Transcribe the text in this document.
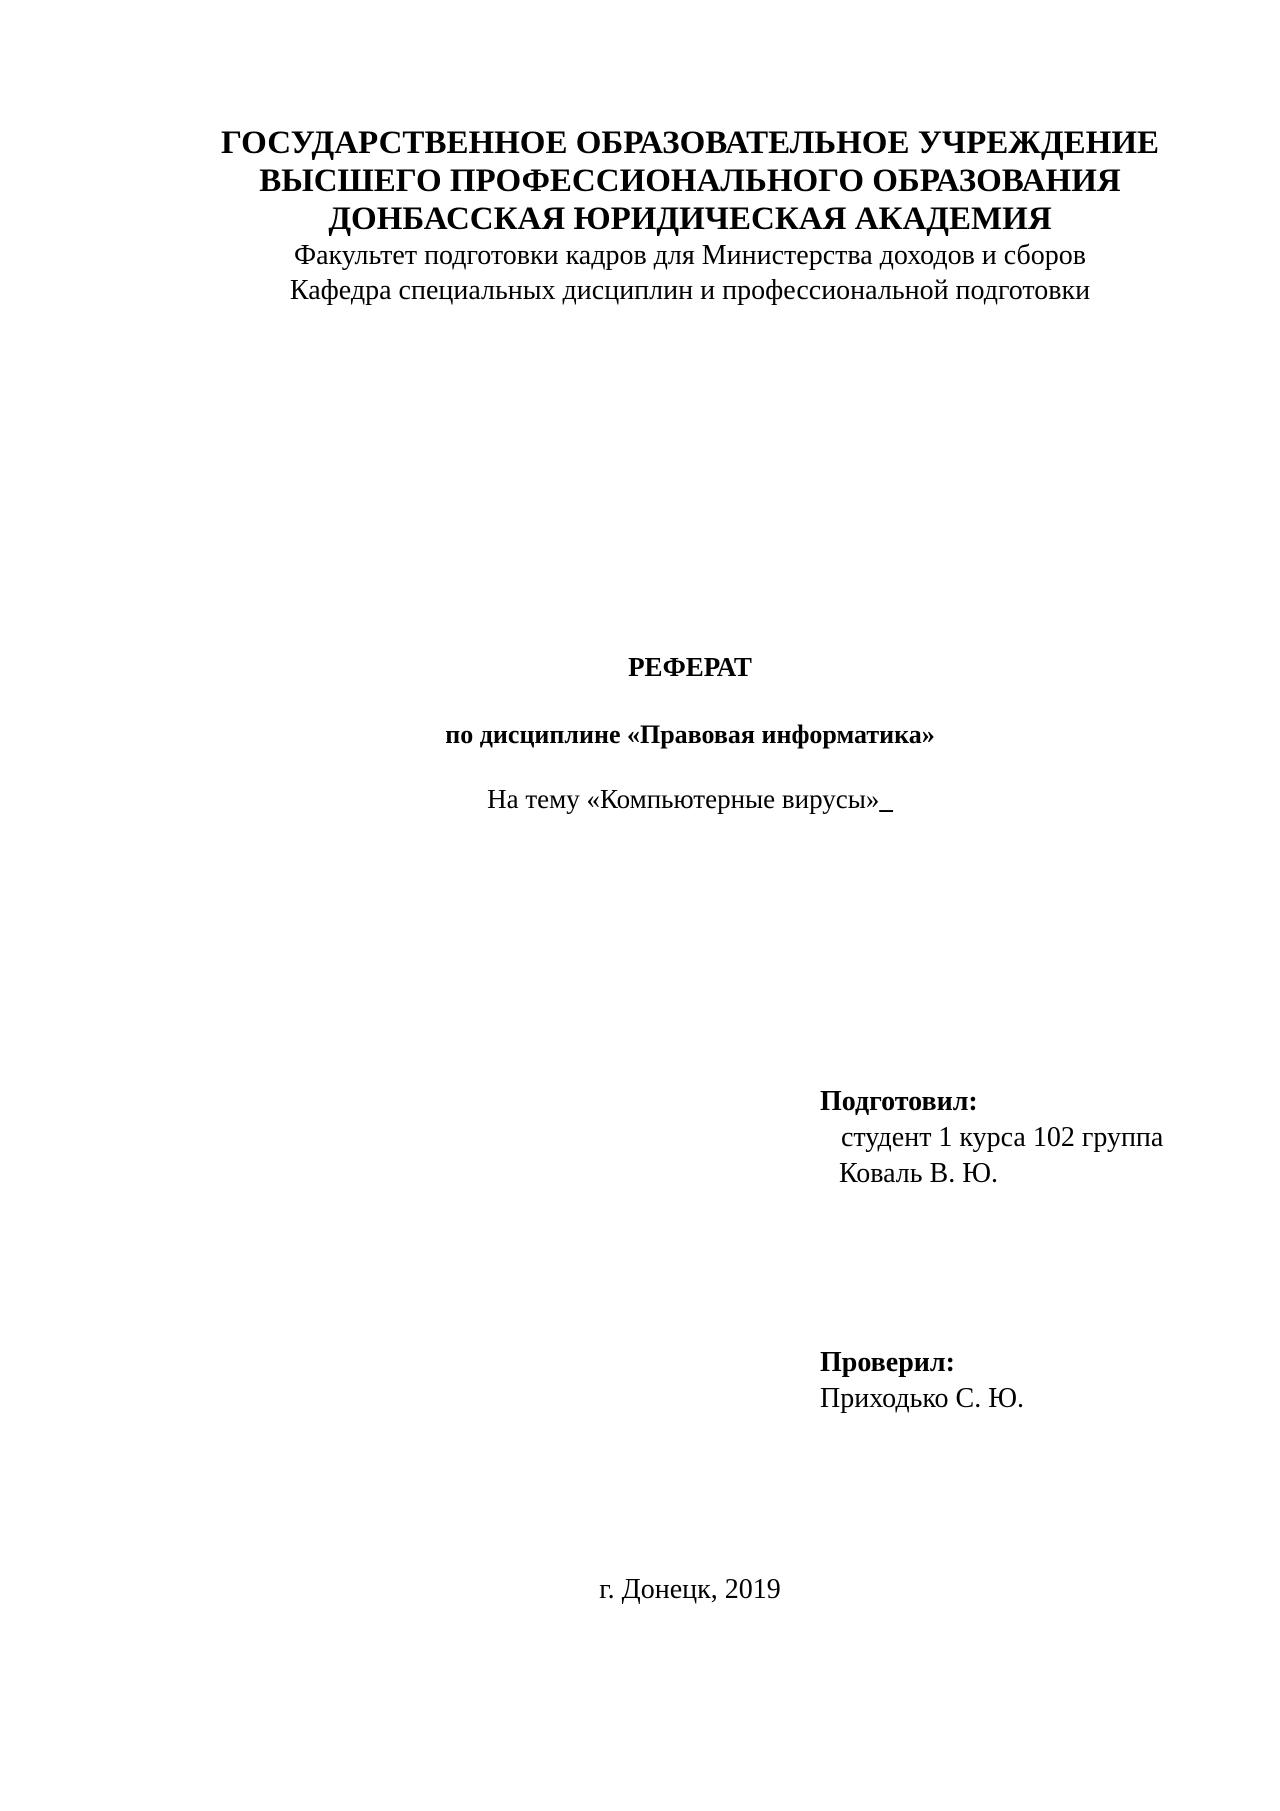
ГОСУДАРСТВЕННОЕ ОБРАЗОВАТЕЛЬНОЕ УЧРЕЖДЕНИЕ
ВЫСШЕГО ПРОФЕССИОНАЛЬНОГО ОБРАЗОВАНИЯ
ДОНБАССКАЯ ЮРИДИЧЕСКАЯ АКАДЕМИЯ
Факультет подготовки кадров для Министерства доходов и сборов
Кафедра специальных дисциплин и профессиональной подготовки
РЕФЕРАТ
по дисциплине «Правовая информатика»
На тему «Компьютерные вирусы»_
Подготовил:
студент 1 курса 102 группа
Коваль В. Ю.
Проверил:
Приходько С. Ю.
г. Донецк, 2019
